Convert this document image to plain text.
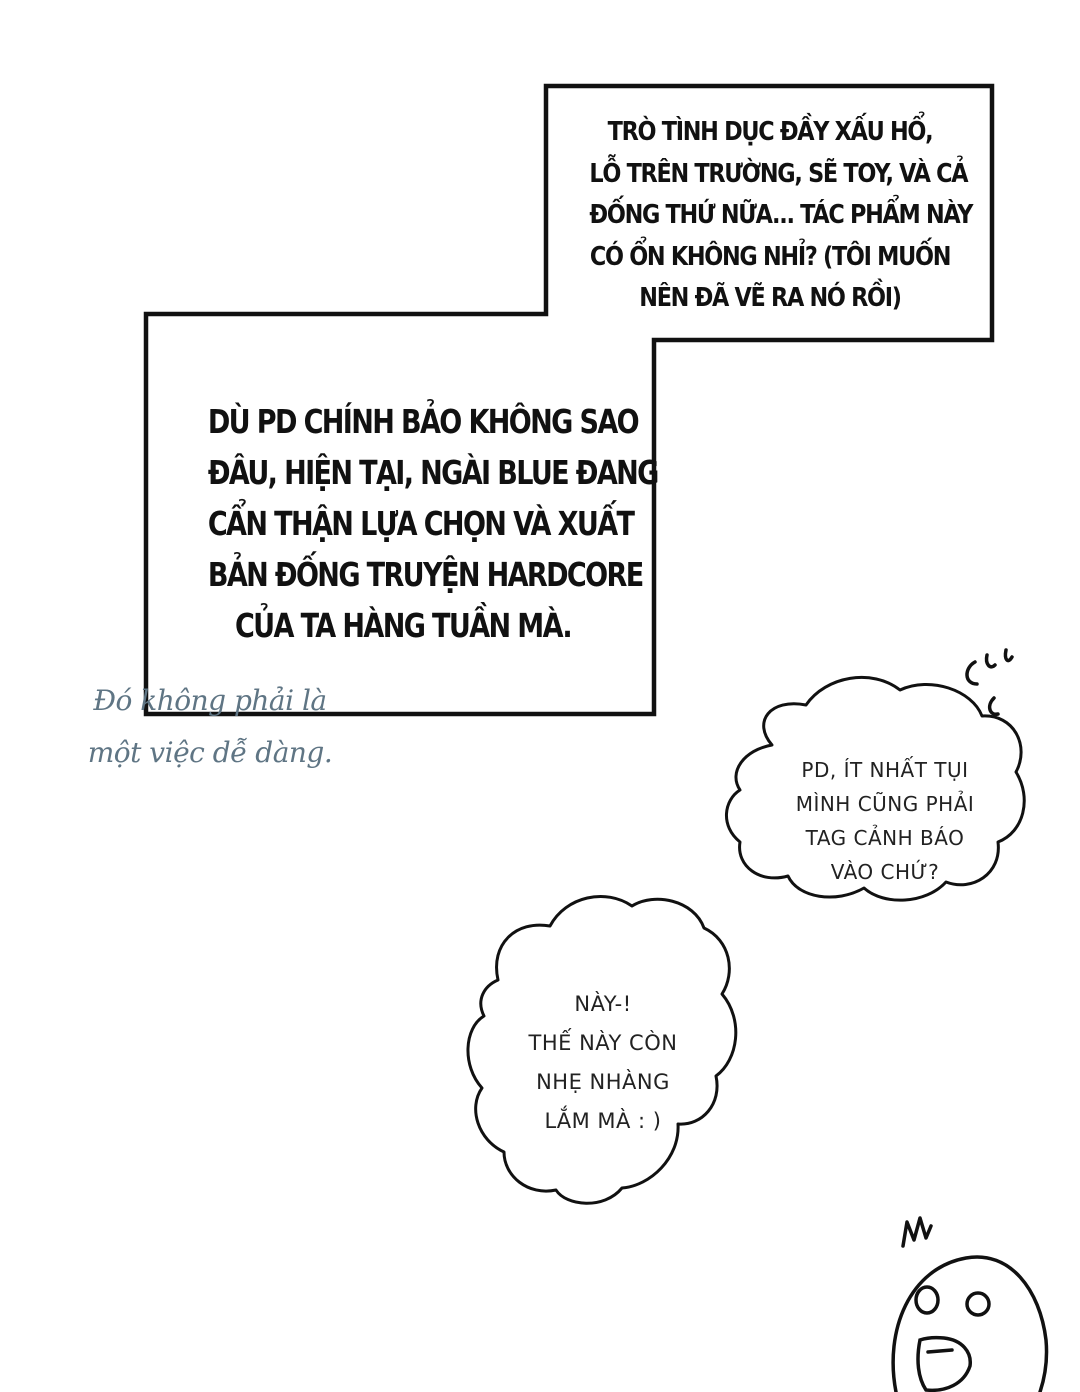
TRÒ TÌNH DỤC ĐẦY XẤU HỔ,
LỖ TRÊN TRƯỜNG, SẼ TOY, VÀ CẢ
ĐỐNG THỨ NỮA... TÁC PHẨM NÀY
CÓ ỔN KHÔNG NHỈ? (TÔI MUỐN
NÊN ĐÃ VẼ RA NÓ RỒI)
DÙ PD CHÍNH BẢO KHÔNG SAO
ĐÂU, HIỆN TẠI, NGÀI BLUE ĐANG
CẨN THẬN LỰA CHỌN VÀ XUẤT
BẢN ĐỐNG TRUYỆN HARDCORE
CỦA TA HÀNG TUẦN MÀ.
Đó không phải là
một việc dễ dàng.
PD, ÍT NHẤT TỤI
MÌNH CŨNG PHẢI
TAG CẢNH BÁO
VÀO CHỨ?
NÀY-!
THẾ NÀY CÒN
NHẸ NHÀNG
LẮM MÀ : )
